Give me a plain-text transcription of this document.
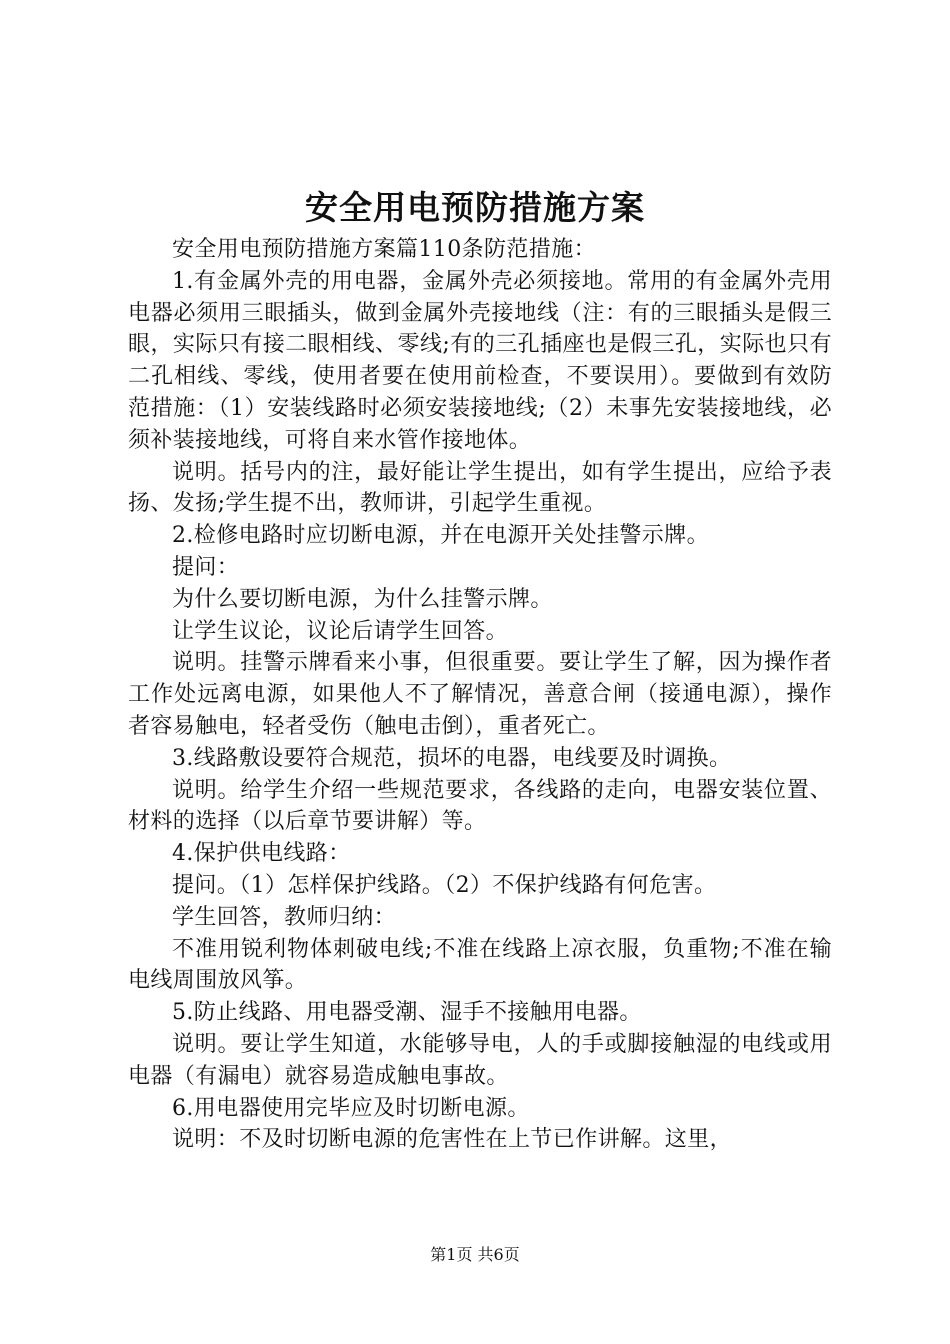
安全用电预防措施方案

安全用电预防措施方案篇110条防范措施：

1.有金属外壳的用电器，金属外壳必须接地。常用的有金属外壳用电器必须用三眼插头，做到金属外壳接地线（注：有的三眼插头是假三眼，实际只有接二眼相线、零线;有的三孔插座也是假三孔，实际也只有二孔相线、零线，使用者要在使用前检查，不要误用）。要做到有效防范措施：（1）安装线路时必须安装接地线;（2）未事先安装接地线，必须补装接地线，可将自来水管作接地体。

说明。括号内的注，最好能让学生提出，如有学生提出，应给予表扬、发扬;学生提不出，教师讲，引起学生重视。

2.检修电路时应切断电源，并在电源开关处挂警示牌。

提问：

为什么要切断电源，为什么挂警示牌。

让学生议论，议论后请学生回答。

说明。挂警示牌看来小事，但很重要。要让学生了解，因为操作者工作处远离电源，如果他人不了解情况，善意合闸（接通电源），操作者容易触电，轻者受伤（触电击倒），重者死亡。

3.线路敷设要符合规范，损坏的电器，电线要及时调换。

说明。给学生介绍一些规范要求，各线路的走向，电器安装位置、材料的选择（以后章节要讲解）等。

4.保护供电线路：

提问。（1）怎样保护线路。（2）不保护线路有何危害。

学生回答，教师归纳：

不准用锐利物体刺破电线;不准在线路上凉衣服，负重物;不准在输电线周围放风筝。

5.防止线路、用电器受潮、湿手不接触用电器。

说明。要让学生知道，水能够导电，人的手或脚接触湿的电线或用电器（有漏电）就容易造成触电事故。

6.用电器使用完毕应及时切断电源。

说明：不及时切断电源的危害性在上节已作讲解。这里，

第1页 共6页
